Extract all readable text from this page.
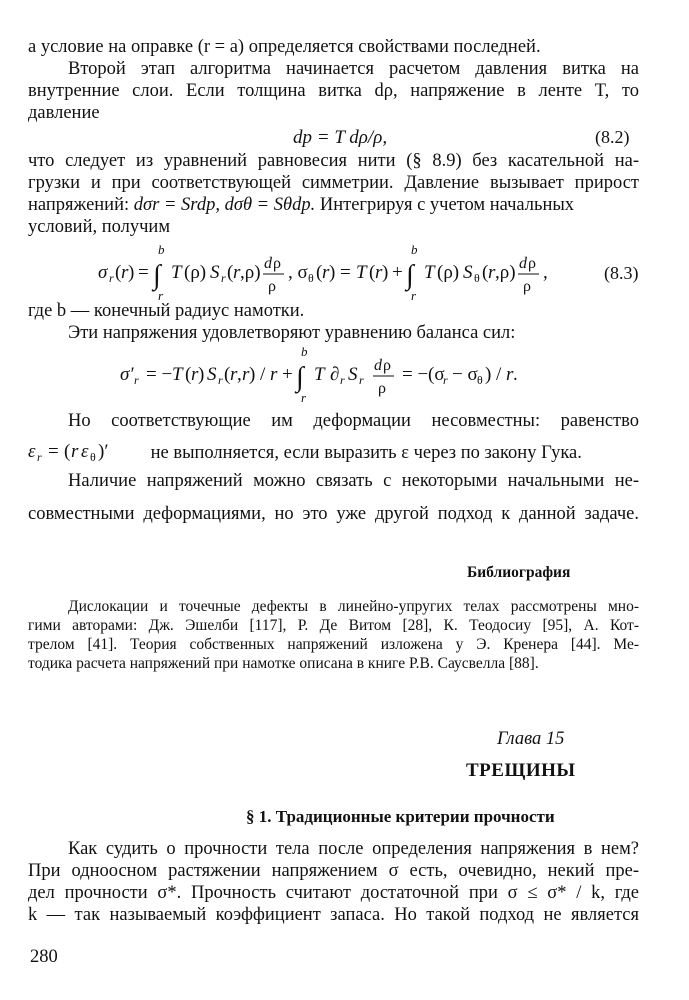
а условие на оправке (r = a) определяется свойствами последней.
Второй этап алгоритма начинается расчетом давления витка на
внутренние слои. Если толщина витка dρ, напряжение в ленте T, то
давление
dp = T dρ/ρ,	(8.2)
что следует из уравнений равновесия нити (§ 8.9) без касательной на-
грузки и при соответствующей симметрии. Давление вызывает прирост
напряжений: dσr = Srdp, dσθ = Sθdp. Интегрируя с учетом начальных
условий, получим
σ r ( r ) = ∫
b
r
T (ρ) S r ( r ,ρ) d ρ
ρ
, σ θ ( r ) = T ( r ) + ∫
b
r
T (ρ) S θ ( r ,ρ) d ρ
ρ
,	(8.3)
где b — конечный радиус намотки.
Эти напряжения удовлетворяют уравнению баланса сил:
σ′ r = − T ( r ) S r ( r , r ) / r + ∫
b
r
T ∂ r S r
d ρ
ρ
= − (σ
r − σ θ ) / r .
Но соответствующие им деформации несовместны: равенство
ε r = ( r ε θ )′ не выполняется, если выразить ε через по закону Гука.
Наличие напряжений можно связать с некоторыми начальными не-
совместными деформациями, но это уже другой подход к данной задаче.
Библиография
Дислокации и точечные дефекты в линейно-упругих телах рассмотрены мно-
гими авторами: Дж. Эшелби [117], Р. Де Витом [28], К. Теодосиу [95], А. Кот-
трелом [41]. Теория собственных напряжений изложена у Э. Кренера [44]. Ме-
тодика расчета напряжений при намотке описана в книге Р.В. Саусвелла [88].
Глава 15
ТРЕЩИНЫ
§ 1. Традиционные критерии прочности
Как судить о прочности тела после определения напряжения в нем?
При одноосном растяжении напряжением σ есть, очевидно, некий пре-
дел прочности σ*. Прочность считают достаточной при σ ≤ σ* / k, где
k — так называемый коэффициент запаса. Но такой подход не является
280
